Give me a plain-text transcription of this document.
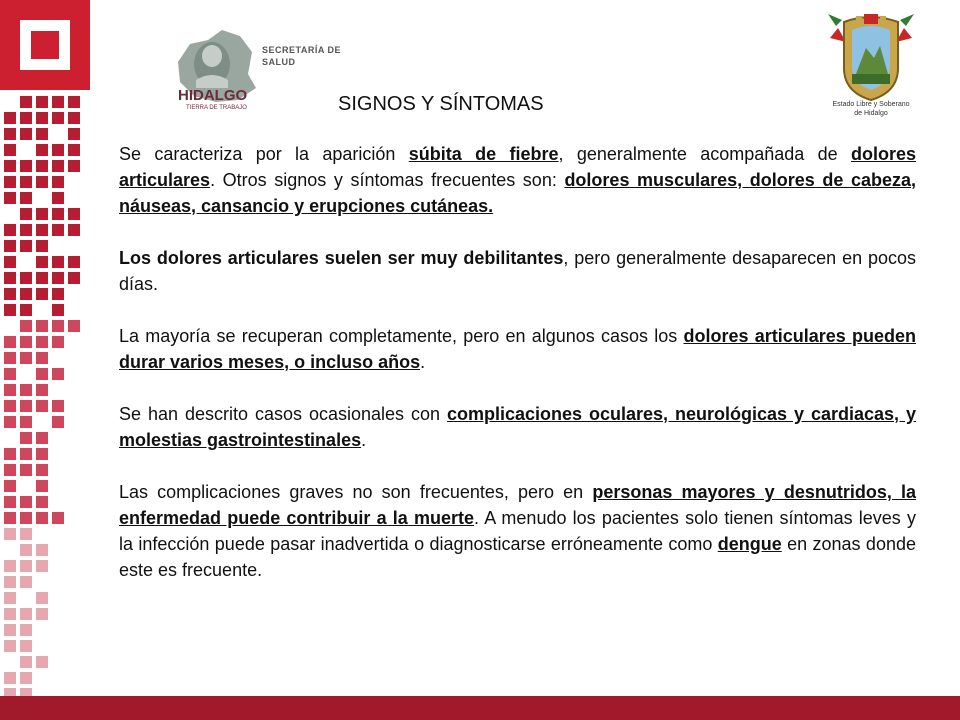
HIDALGO
TIERRA DE TRABAJO
SECRETARÍA DE
SALUD
Estado Libre y Soberano
de Hidalgo
SIGNOS Y SÍNTOMAS

Se caracteriza por la aparición súbita de fiebre, generalmente acompañada de dolores articulares. Otros signos y síntomas frecuentes son: dolores musculares, dolores de cabeza, náuseas, cansancio y erupciones cutáneas.

Los dolores articulares suelen ser muy debilitantes, pero generalmente desaparecen en pocos días.

La mayoría se recuperan completamente, pero en algunos casos los dolores articulares pueden durar varios meses, o incluso años.

Se han descrito casos ocasionales con complicaciones oculares, neurológicas y cardiacas, y molestias gastrointestinales.

Las complicaciones graves no son frecuentes, pero en personas mayores y desnutridos, la enfermedad puede contribuir a la muerte. A menudo los pacientes solo tienen síntomas leves y la infección puede pasar inadvertida o diagnosticarse erróneamente como dengue en zonas donde este es frecuente.
